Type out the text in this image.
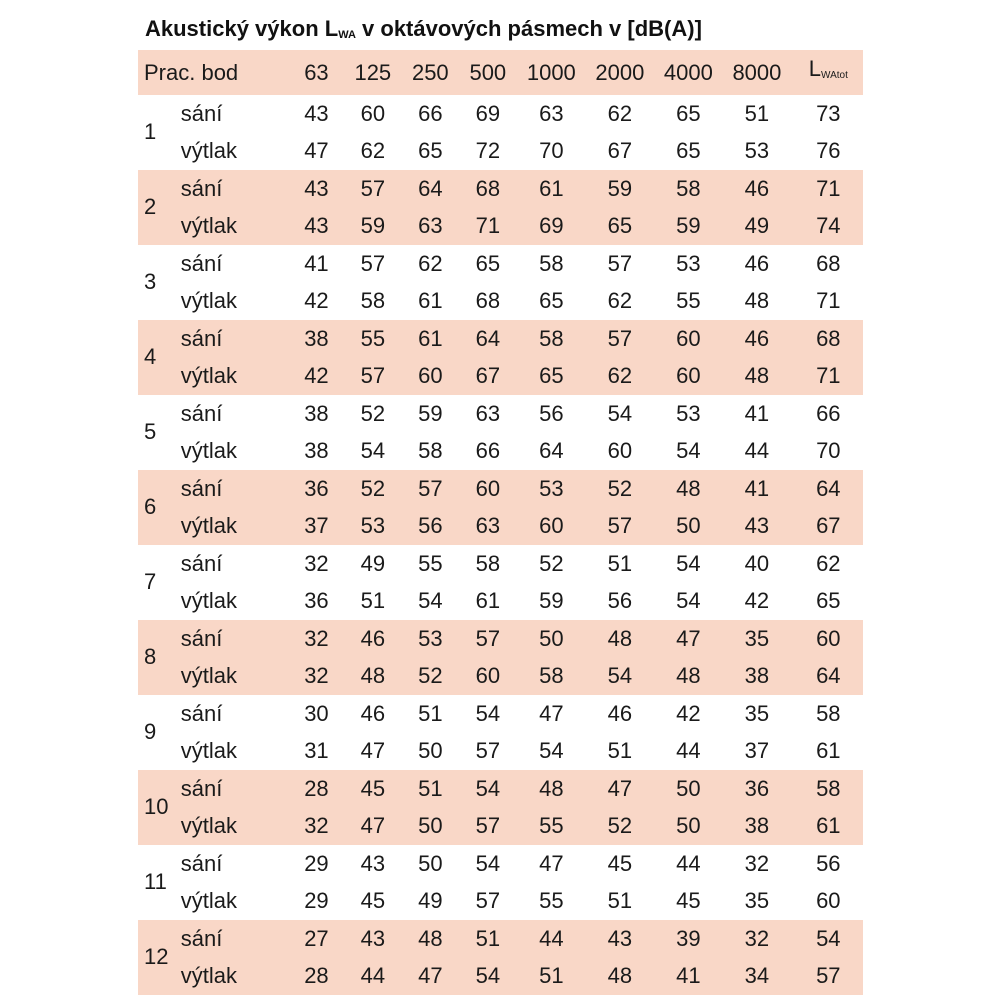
Akustický výkon $L_{WA}$ v oktávových pásmech v [dB(A)]
Prac. bod		63	125	250	500	1000	2000	4000	8000	LWAtot
1	sání	43	60	66	69	63	62	65	51	73
	výtlak	47	62	65	72	70	67	65	53	76
2	sání	43	57	64	68	61	59	58	46	71
	výtlak	43	59	63	71	69	65	59	49	74
3	sání	41	57	62	65	58	57	53	46	68
	výtlak	42	58	61	68	65	62	55	48	71
4	sání	38	55	61	64	58	57	60	46	68
	výtlak	42	57	60	67	65	62	60	48	71
5	sání	38	52	59	63	56	54	53	41	66
	výtlak	38	54	58	66	64	60	54	44	70
6	sání	36	52	57	60	53	52	48	41	64
	výtlak	37	53	56	63	60	57	50	43	67
7	sání	32	49	55	58	52	51	54	40	62
	výtlak	36	51	54	61	59	56	54	42	65
8	sání	32	46	53	57	50	48	47	35	60
	výtlak	32	48	52	60	58	54	48	38	64
9	sání	30	46	51	54	47	46	42	35	58
	výtlak	31	47	50	57	54	51	44	37	61
10	sání	28	45	51	54	48	47	50	36	58
	výtlak	32	47	50	57	55	52	50	38	61
11	sání	29	43	50	54	47	45	44	32	56
	výtlak	29	45	49	57	55	51	45	35	60
12	sání	27	43	48	51	44	43	39	32	54
	výtlak	28	44	47	54	51	48	41	34	57
